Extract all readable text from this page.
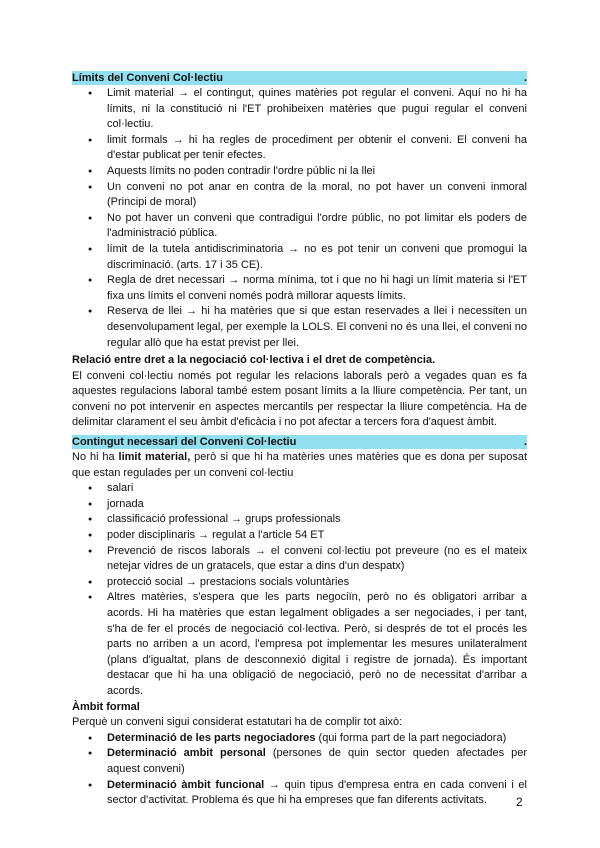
Límits del Conveni Col·lectiu	.
● Limit material → el contingut, quines matèries pot regular el conveni. Aquí no hi ha límits, ni la constitució ni l'ET prohibeixen matèries que pugui regular el conveni col·lectiu.
● limit formals → hi ha regles de procediment per obtenir el conveni. El conveni ha d'estar publicat per tenir efectes.
● Aquests límits no poden contradir l'ordre públic ni la llei
● Un conveni no pot anar en contra de la moral, no pot haver un conveni inmoral (Principi de moral)
● No pot haver un conveni que contradigui l'ordre públic, no pot limitar els poders de l'administració pública.
● límit de la tutela antidiscriminatoria → no es pot tenir un conveni que promogui la discriminació. (arts. 17 i 35 CE).
● Regla de dret necessari → norma mínima, tot i que no hi hagi un límit materia si l'ET fixa uns límits el conveni només podrà millorar aquests límits.
● Reserva de llei → hi ha matèries que si que estan reservades a llei i necessiten un desenvolupament legal, per exemple la LOLS. El conveni no és una llei, el conveni no regular allò que ha estat previst per llei.
Relació entre dret a la negociació col·lectiva i el dret de competència.

El conveni col·lectiu només pot regular les relacions laborals però a vegades quan es fa aquestes regulacions laboral també estem posant límits a la lliure competència. Per tant, un conveni no pot intervenir en aspectes mercantils per respectar la lliure competència. Ha de delimitar clarament el seu àmbit d'eficàcia i no pot afectar a tercers fora d'aquest àmbit.

Contingut necessari del Conveni Col·lectiu	.

No hi ha limit material, però si que hi ha matèries unes matèries que es dona per suposat que estan regulades per un conveni col·lectiu

● salari
● jornada
● classificació professional → grups professionals
● poder disciplinaris → regulat a l'article 54 ET
● Prevenció de riscos laborals → el conveni col·lectiu pot preveure (no es el mateix netejar vidres de un gratacels, que estar a dins d'un despatx)
● protecció social → prestacions socials voluntàries
● Altres matèries, s'espera que les parts negociïn, però no és obligatori arribar a acords. Hi ha matèries que estan legalment obligades a ser negociades, i per tant, s'ha de fer el procés de negociació col·lectiva. Però, si després de tot el procés les parts no arriben a un acord, l'empresa pot implementar les mesures unilateralment (plans d'igualtat, plans de desconnexió digital i registre de jornada). És important destacar que hi ha una obligació de negociació, però no de necessitat d'arribar a acords.
Àmbit formal

Perquè un conveni sigui considerat estatutari ha de complir tot això:

● Determinació de les parts negociadores (qui forma part de la part negociadora)
● Determinació ambit personal (persones de quin sector queden afectades per aquest conveni)
● Determinació àmbit funcional → quin tipus d'empresa entra en cada conveni i el sector d'activitat. Problema és que hi ha empreses que fan diferents activitats.	2
